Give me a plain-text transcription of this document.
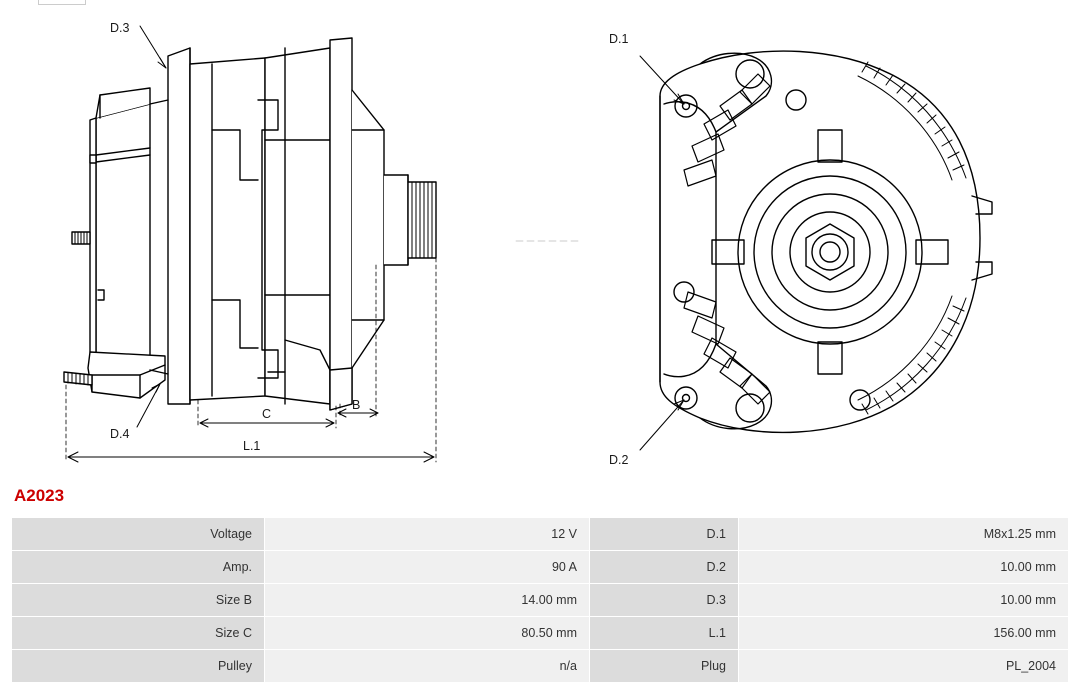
D.3
D.4
C
B
L.1
D.1
D.2
A2023
Voltage	12 V	D.1	M8x1.25 mm
Amp.	90 A	D.2	10.00 mm
Size B	14.00 mm	D.3	10.00 mm
Size C	80.50 mm	L.1	156.00 mm
Pulley	n/a	Plug	PL_2004
